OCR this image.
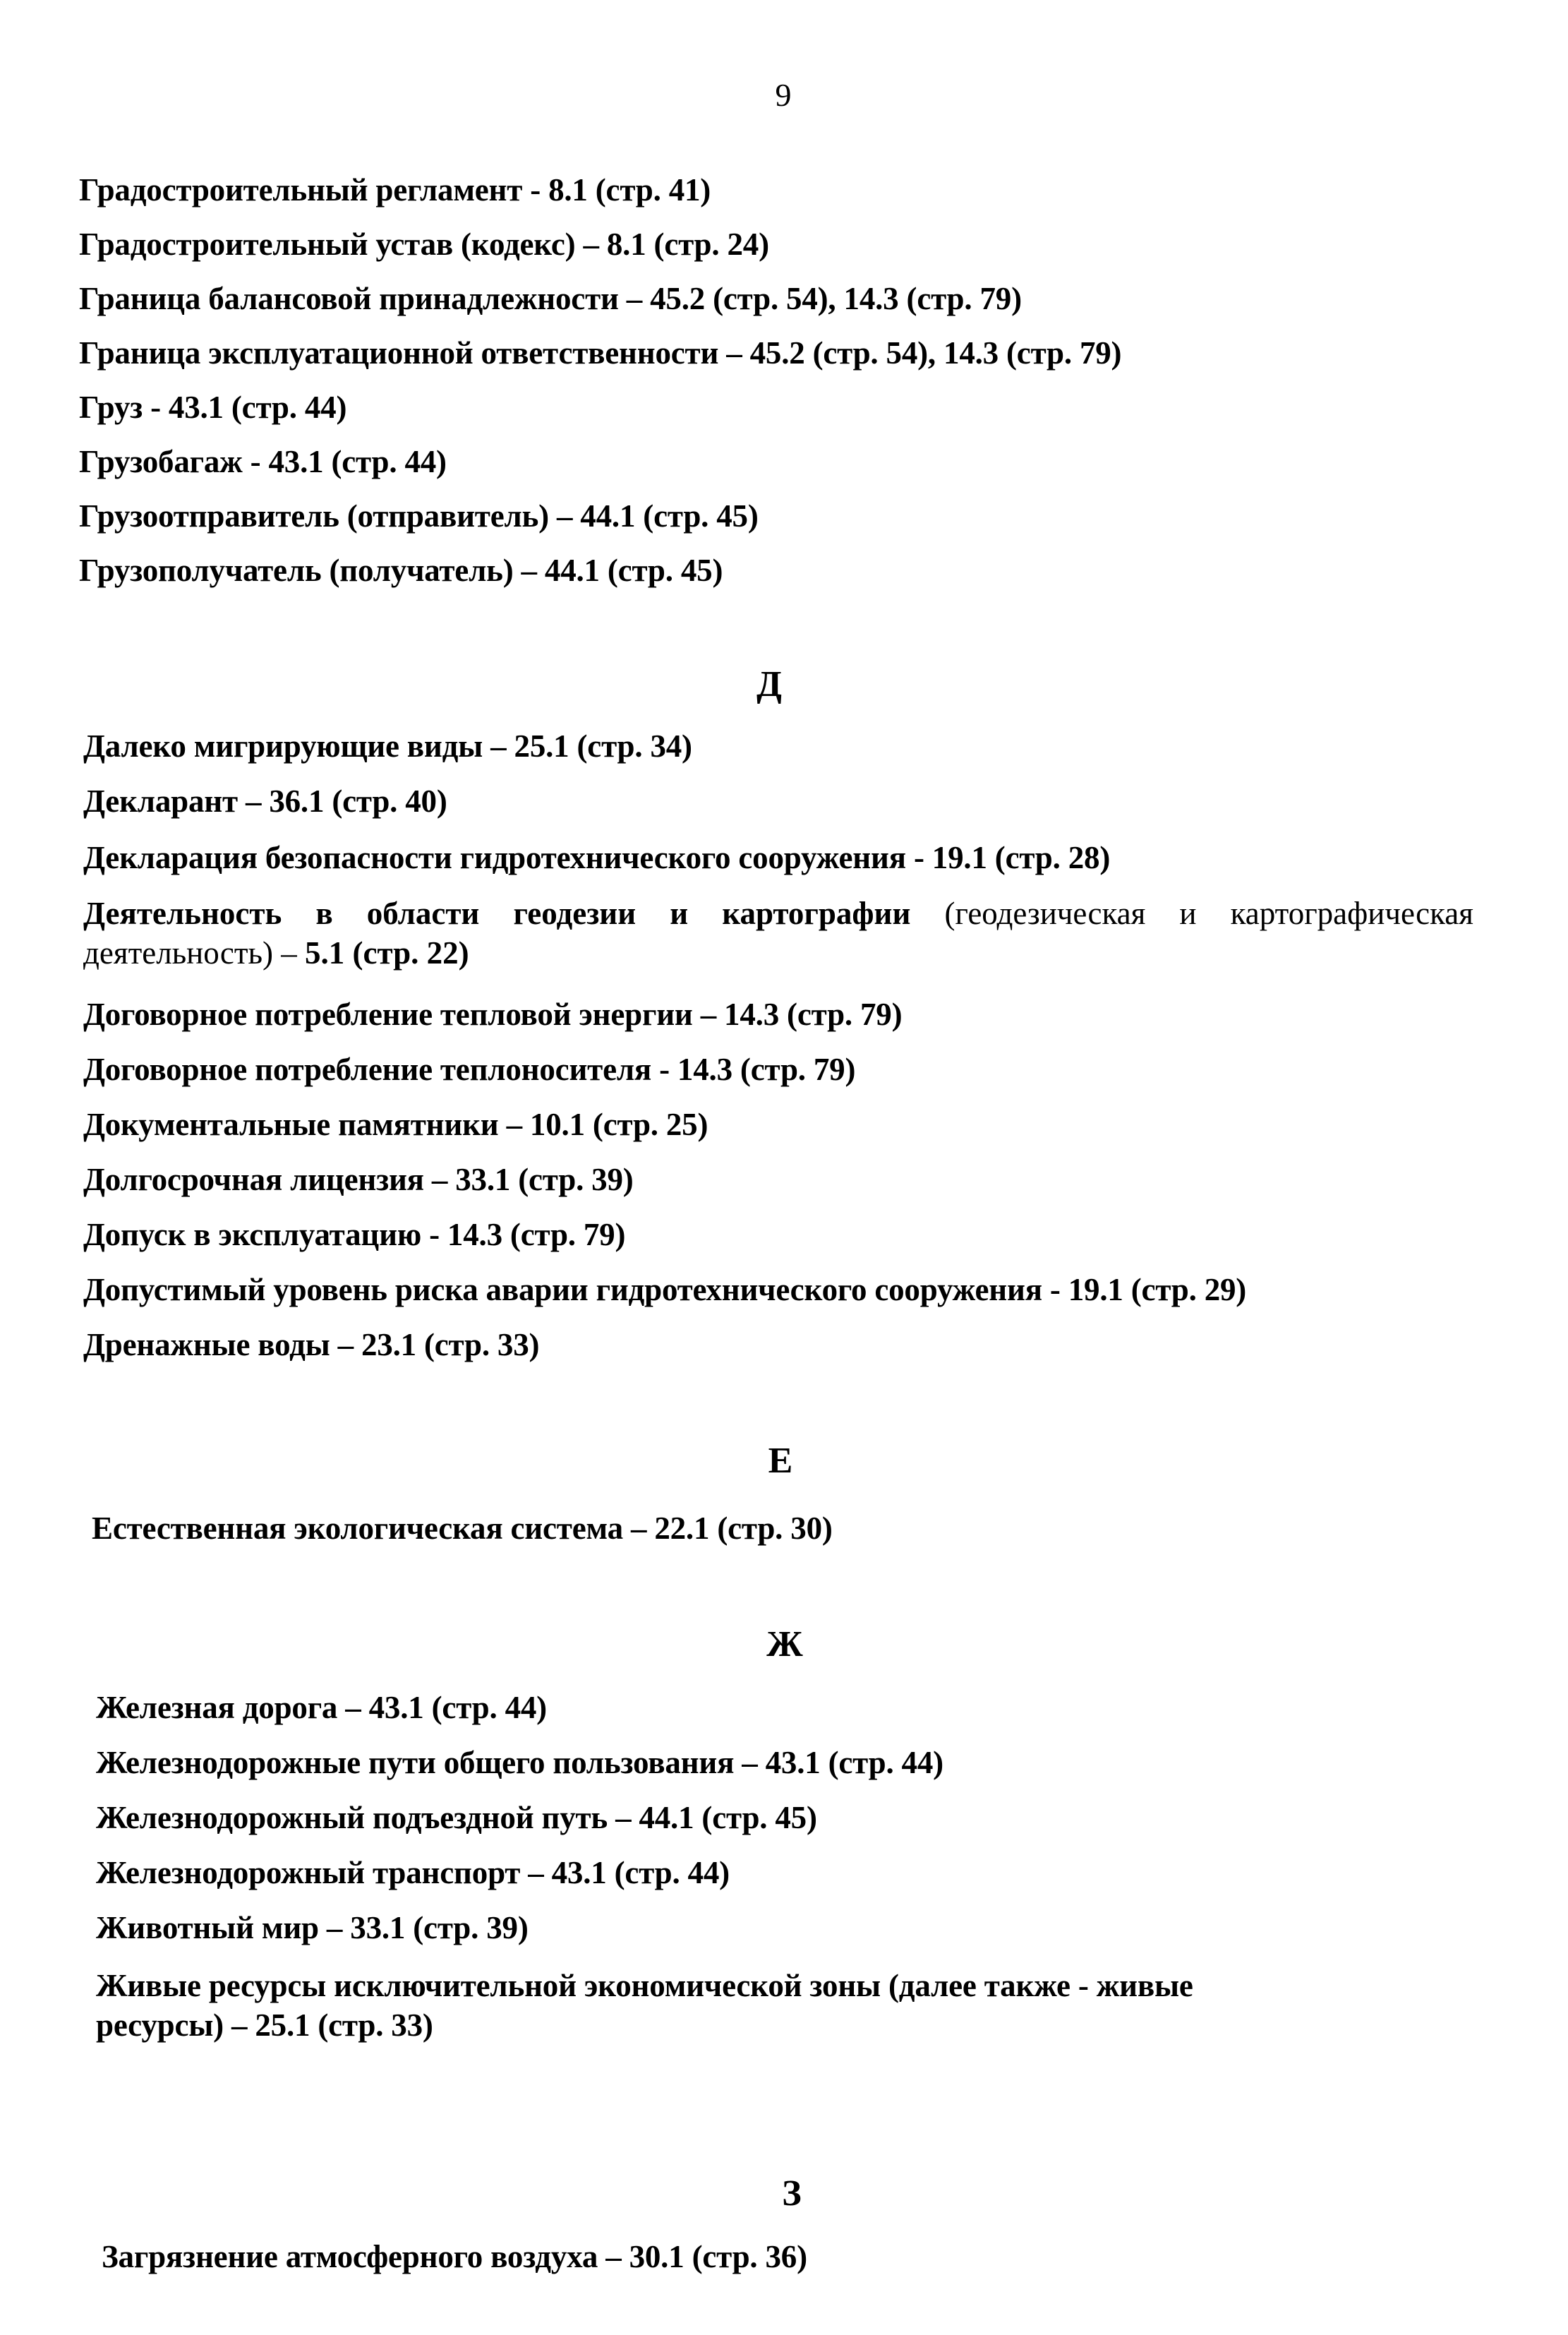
9
Градостроительный регламент - 8.1 (стр. 41)
Градостроительный устав (кодекс) – 8.1 (стр. 24)
Граница балансовой принадлежности – 45.2 (стр. 54), 14.3 (стр. 79)
Граница эксплуатационной ответственности – 45.2 (стр. 54), 14.3 (стр. 79)
Груз - 43.1 (стр. 44)
Грузобагаж - 43.1 (стр. 44)
Грузоотправитель (отправитель) – 44.1 (стр. 45)
Грузополучатель (получатель) – 44.1 (стр. 45)
Д
Далеко мигрирующие виды – 25.1 (стр. 34)
Декларант – 36.1 (стр. 40)
Декларация безопасности гидротехнического сооружения - 19.1 (стр. 28)
Деятельность в области геодезии и картографии (геодезическая и картографическая
деятельность) – 5.1 (стр. 22)
Договорное потребление тепловой энергии – 14.3 (стр. 79)
Договорное потребление теплоносителя - 14.3 (стр. 79)
Документальные памятники – 10.1 (стр. 25)
Долгосрочная лицензия – 33.1 (стр. 39)
Допуск в эксплуатацию - 14.3 (стр. 79)
Допустимый уровень риска аварии гидротехнического сооружения - 19.1 (стр. 29)
Дренажные воды – 23.1 (стр. 33)
Е
Естественная экологическая система – 22.1 (стр. 30)
Ж
Железная дорога – 43.1 (стр. 44)
Железнодорожные пути общего пользования – 43.1 (стр. 44)
Железнодорожный подъездной путь – 44.1 (стр. 45)
Железнодорожный транспорт – 43.1 (стр. 44)
Животный мир – 33.1 (стр. 39)
Живые ресурсы исключительной экономической зоны (далее также - живые
ресурсы) – 25.1 (стр. 33)
З
Загрязнение атмосферного воздуха – 30.1 (стр. 36)
